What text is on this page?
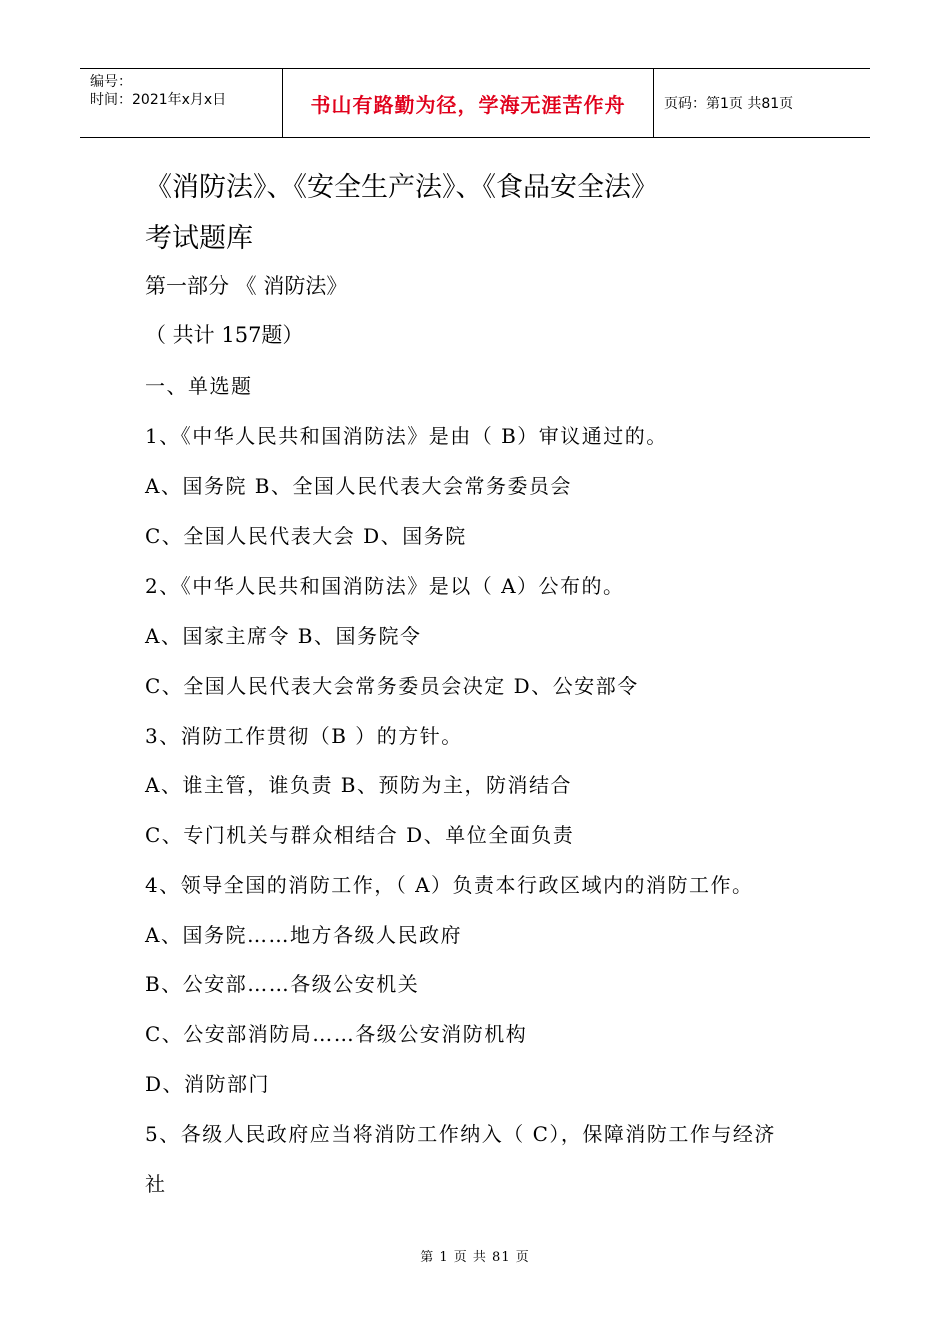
编号：
时间：2021年x月x日	书山有路勤为径，学海无涯苦作舟	页码：第1页 共81页
《消防法》、《安全生产法》、《食品安全法》
考试题库
第一部分 《 消防法》
（ 共计 157题）
一、单选题
1、《中华人民共和国消防法》是由（ B）审议通过的。
A、国务院 B、全国人民代表大会常务委员会
C、全国人民代表大会 D、国务院
2、《中华人民共和国消防法》是以（ A）公布的。
A、国家主席令 B、国务院令
C、全国人民代表大会常务委员会决定 D、公安部令
3、消防工作贯彻（B ）的方针。
A、谁主管，谁负责 B、预防为主，防消结合
C、专门机关与群众相结合 D、单位全面负责
4、领导全国的消防工作，（ A）负责本行政区域内的消防工作。
A、国务院……地方各级人民政府
B、公安部……各级公安机关
C、公安部消防局……各级公安消防机构
D、消防部门
5、各级人民政府应当将消防工作纳入（ C），保障消防工作与经济
社
第 1 页 共 81 页
